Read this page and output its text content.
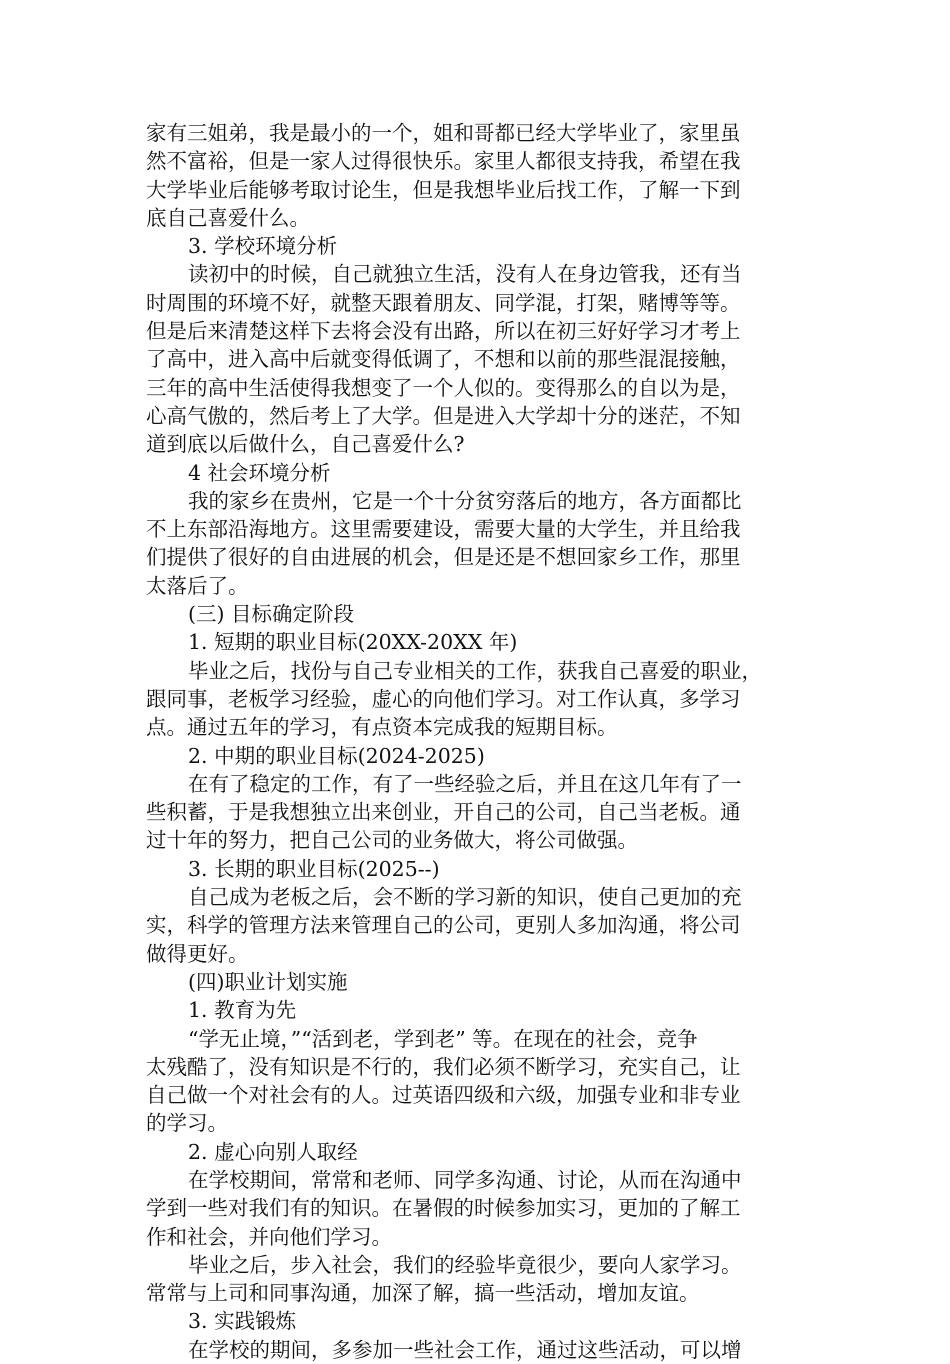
家有三姐弟，我是最小的一个，姐和哥都已经大学毕业了，家里虽
然不富裕，但是一家人过得很快乐。家里人都很支持我，希望在我
大学毕业后能够考取讨论生，但是我想毕业后找工作，了解一下到
底自己喜爱什么。
3. 学校环境分析
读初中的时候，自己就独立生活，没有人在身边管我，还有当
时周围的环境不好，就整天跟着朋友、同学混，打架，赌博等等。
但是后来清楚这样下去将会没有出路，所以在初三好好学习才考上
了高中，进入高中后就变得低调了，不想和以前的那些混混接触，
三年的高中生活使得我想变了一个人似的。变得那么的自以为是，
心高气傲的，然后考上了大学。但是进入大学却十分的迷茫，不知
道到底以后做什么，自己喜爱什么?
4 社会环境分析
我的家乡在贵州，它是一个十分贫穷落后的地方，各方面都比
不上东部沿海地方。这里需要建设，需要大量的大学生，并且给我
们提供了很好的自由进展的机会，但是还是不想回家乡工作，那里
太落后了。
(三) 目标确定阶段
1. 短期的职业目标(20XX-20XX 年)
毕业之后，找份与自己专业相关的工作，获我自己喜爱的职业，
跟同事，老板学习经验，虚心的向他们学习。对工作认真，多学习
点。通过五年的学习，有点资本完成我的短期目标。
2. 中期的职业目标(2024-2025)
在有了稳定的工作，有了一些经验之后，并且在这几年有了一
些积蓄，于是我想独立出来创业，开自己的公司，自己当老板。通
过十年的努力，把自己公司的业务做大，将公司做强。
3. 长期的职业目标(2025--)
自己成为老板之后，会不断的学习新的知识，使自己更加的充
实，科学的管理方法来管理自己的公司，更别人多加沟通，将公司
做得更好。
(四)职业计划实施
1. 教育为先
“学无止境，”“活到老，学到老” 等。在现在的社会，竞争
太残酷了，没有知识是不行的，我们必须不断学习，充实自己，让
自己做一个对社会有的人。过英语四级和六级，加强专业和非专业
的学习。
2. 虚心向别人取经
在学校期间，常常和老师、同学多沟通、讨论，从而在沟通中
学到一些对我们有的知识。在暑假的时候参加实习，更加的了解工
作和社会，并向他们学习。
毕业之后，步入社会，我们的经验毕竟很少，要向人家学习。
常常与上司和同事沟通，加深了解，搞一些活动，增加友谊。
3. 实践锻炼
在学校的期间，多参加一些社会工作，通过这些活动，可以增
